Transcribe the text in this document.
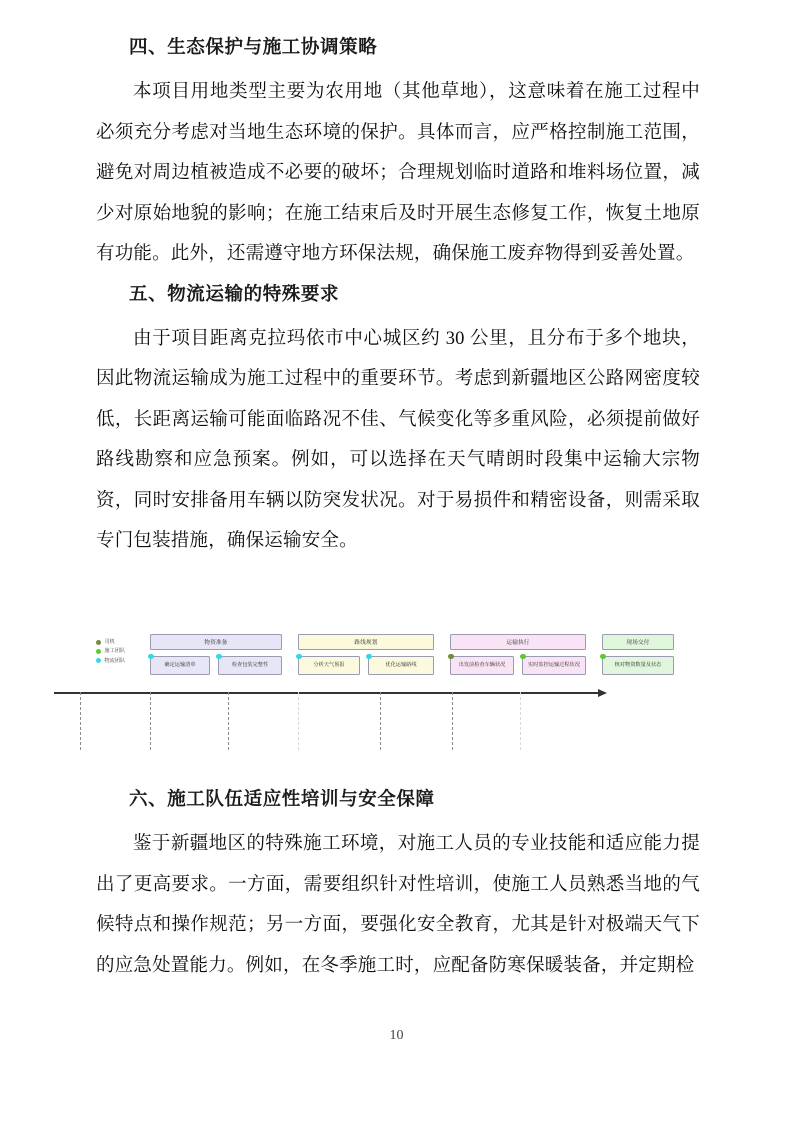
四、生态保护与施工协调策略

本项目用地类型主要为农用地（其他草地），这意味着在施工过程中必须充分考虑对当地生态环境的保护。具体而言，应严格控制施工范围，避免对周边植被造成不必要的破坏；合理规划临时道路和堆料场位置，减少对原始地貌的影响；在施工结束后及时开展生态修复工作，恢复土地原有功能。此外，还需遵守地方环保法规，确保施工废弃物得到妥善处置。

五、物流运输的特殊要求

由于项目距离克拉玛依市中心城区约 30 公里，且分布于多个地块，因此物流运输成为施工过程中的重要环节。考虑到新疆地区公路网密度较低，长距离运输可能面临路况不佳、气候变化等多重风险，必须提前做好路线勘察和应急预案。例如，可以选择在天气晴朗时段集中运输大宗物资，同时安排备用车辆以防突发状况。对于易损件和精密设备，则需采取专门包装措施，确保运输安全。

司机
施工团队
物流团队
物资准备
确定运输清单	检查包装完整性
路线规划
分析天气预报	优化运输路线
运输执行
出发前检查车辆状况	实时监控运输过程状况
现场交付
核对物资数量及状态
六、施工队伍适应性培训与安全保障

鉴于新疆地区的特殊施工环境，对施工人员的专业技能和适应能力提出了更高要求。一方面，需要组织针对性培训，使施工人员熟悉当地的气候特点和操作规范；另一方面，要强化安全教育，尤其是针对极端天气下的应急处置能力。例如，在冬季施工时，应配备防寒保暖装备，并定期检

10
